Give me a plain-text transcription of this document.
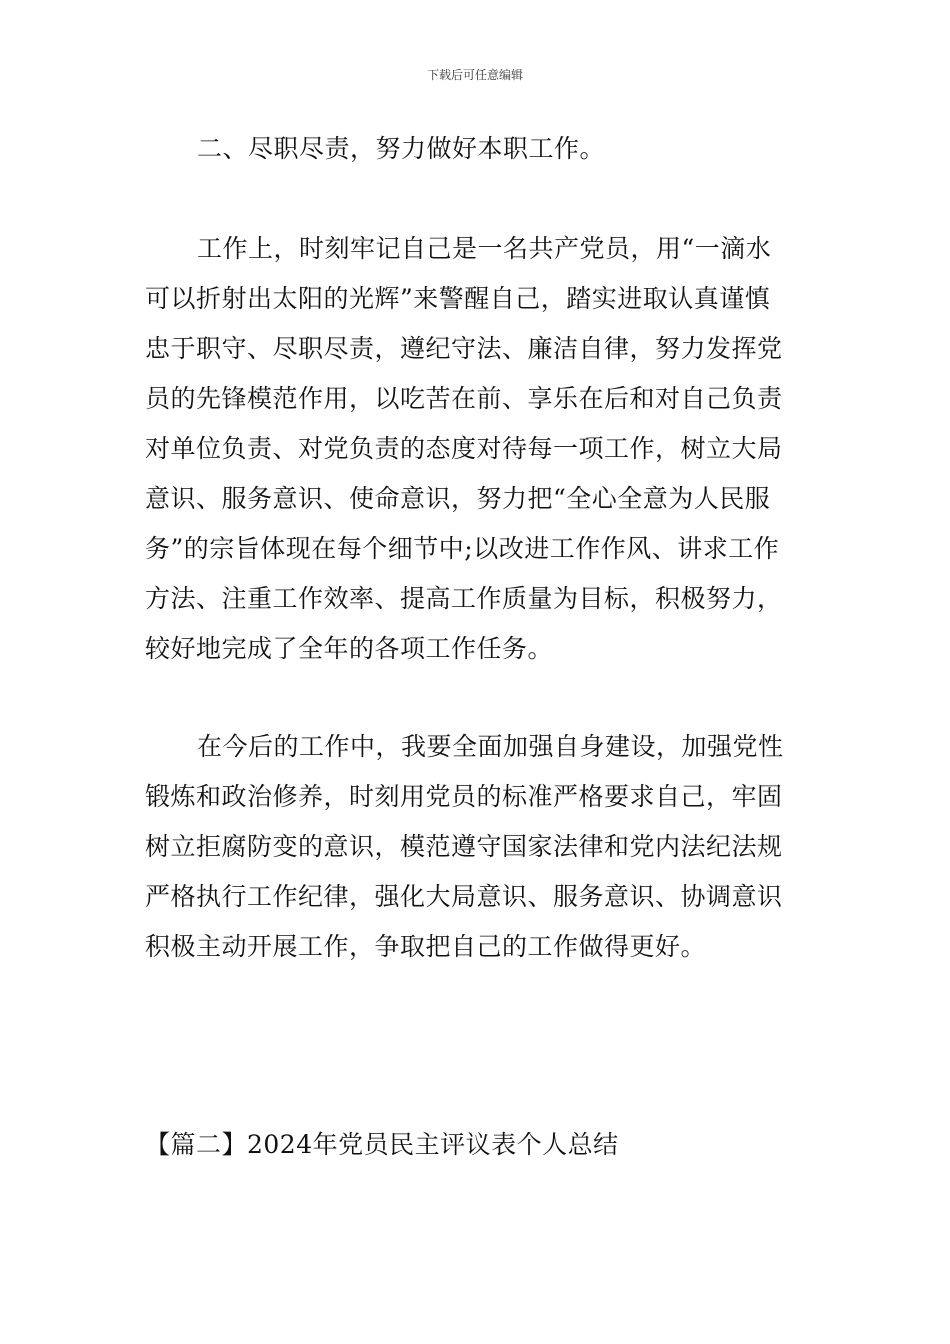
下载后可任意编辑
二、尽职尽责，努力做好本职工作。
工作上，时刻牢记自己是一名共产党员，用“一滴水
可以折射出太阳的光辉”来警醒自己，踏实进取认真谨慎
忠于职守、尽职尽责，遵纪守法、廉洁自律，努力发挥党
员的先锋模范作用，以吃苦在前、享乐在后和对自己负责
对单位负责、对党负责的态度对待每一项工作，树立大局
意识、服务意识、使命意识，努力把“全心全意为人民服
务”的宗旨体现在每个细节中;以改进工作作风、讲求工作
方法、注重工作效率、提高工作质量为目标，积极努力，
较好地完成了全年的各项工作任务。
在今后的工作中，我要全面加强自身建设，加强党性
锻炼和政治修养，时刻用党员的标准严格要求自己，牢固
树立拒腐防变的意识，模范遵守国家法律和党内法纪法规
严格执行工作纪律，强化大局意识、服务意识、协调意识
积极主动开展工作，争取把自己的工作做得更好。
【篇二】2024年党员民主评议表个人总结
